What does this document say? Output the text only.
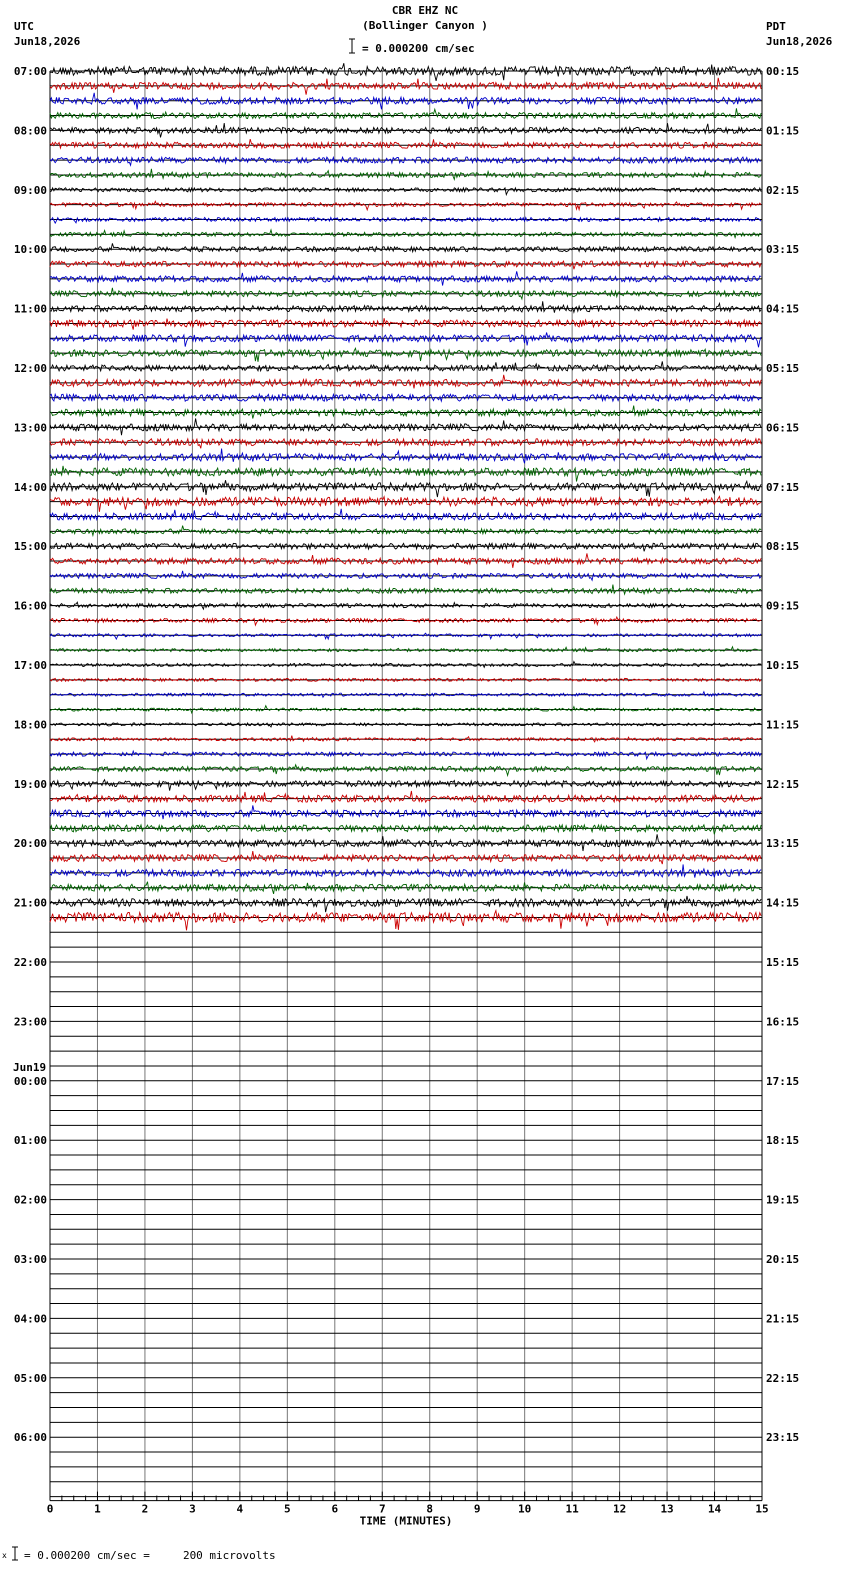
CBR EHZ NC
(Bollinger Canyon )
= 0.000200 cm/sec
UTC
Jun18,2026
PDT
Jun18,2026
07:00
08:00
09:00
10:00
11:00
12:00
13:00
14:00
15:00
16:00
17:00
18:00
19:00
20:00
21:00
22:00
23:00
00:00
Jun19
01:00
02:00
03:00
04:00
05:00
06:00
00:15
01:15
02:15
03:15
04:15
05:15
06:15
07:15
08:15
09:15
10:15
11:15
12:15
13:15
14:15
15:15
16:15
17:15
18:15
19:15
20:15
21:15
22:15
23:15
0	1	2	3	4	5	6	7	8	9	10	11	12	13	14	15
TIME (MINUTES)
x = 0.000200 cm/sec =     200 microvolts
